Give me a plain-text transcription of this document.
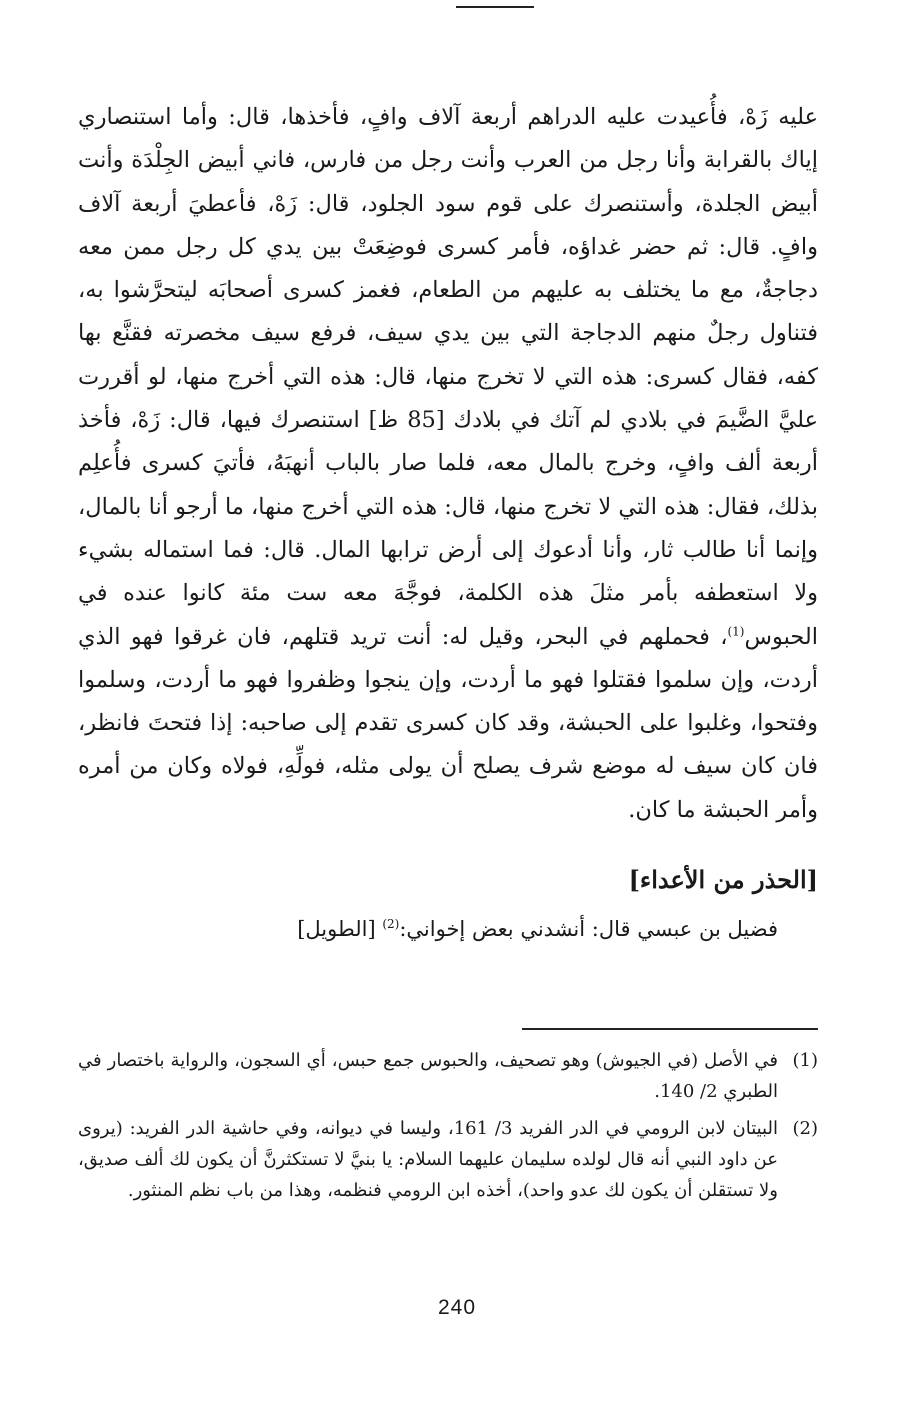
عليه زَهْ، فأُعيدت عليه الدراهم أربعة آلاف وافٍ، فأخذها، قال: وأما استنصاري إياك بالقرابة وأنا رجل من العرب وأنت رجل من فارس، فاني أبيض الجِلْدَة وأنت أبيض الجلدة، وأستنصرك على قوم سود الجلود، قال: زَهْ، فأعطيَ أربعة آلاف وافٍ. قال: ثم حضر غداؤه، فأمر كسرى فوضِعَتْ بين يدي كل رجل ممن معه دجاجةٌ، مع ما يختلف به عليهم من الطعام، فغمز كسرى أصحابَه ليتحرَّشوا به، فتناول رجلٌ منهم الدجاجة التي بين يدي سيف، فرفع سيف مخصرته فقنَّع بها كفه، فقال كسرى: هذه التي لا تخرج منها، قال: هذه التي أخرج منها، لو أقررت عليَّ الضَّيمَ في بلادي لم آتك في بلادك [85 ظ] استنصرك فيها، قال: زَهْ، فأخذ أربعة ألف وافٍ، وخرج بالمال معه، فلما صار بالباب أنهبَهُ، فأتيَ كسرى فأُعلِم بذلك، فقال: هذه التي لا تخرج منها، قال: هذه التي أخرج منها، ما أرجو أنا بالمال، وإنما أنا طالب ثار، وأنا أدعوك إلى أرض ترابها المال. قال: فما استماله بشيء ولا استعطفه بأمر مثلَ هذه الكلمة، فوجَّهَ معه ست مئة كانوا عنده في الحبوس$^{(1)}$، فحملهم في البحر، وقيل له: أنت تريد قتلهم، فان غرقوا فهو الذي أردت، وإن سلموا فقتلوا فهو ما أردت، وإن ينجوا وظفروا فهو ما أردت، وسلموا وفتحوا، وغلبوا على الحبشة، وقد كان كسرى تقدم إلى صاحبه: إذا فتحتَ فانظر، فان كان سيف له موضع شرف يصلح أن يولى مثله، فولِّهِ، فولاه وكان من أمره وأمر الحبشة ما كان.

[الحذر من الأعداء]
فضيل بن عبسي قال: أنشدني بعض إخواني:$^{(2)}$ [الطويل]
(1)
في الأصل (في الجيوش) وهو تصحيف، والحبوس جمع حبس، أي السجون، والرواية باختصار في الطبري 2/ 140.
(2)
البيتان لابن الرومي في الدر الفريد 3/ 161، وليسا في ديوانه، وفي حاشية الدر الفريد: (يروى عن داود النبي أنه قال لولده سليمان عليهما السلام: يا بنيَّ لا تستكثرنَّ أن يكون لك ألف صديق، ولا تستقلن أن يكون لك عدو واحد)، أخذه ابن الرومي فنظمه، وهذا من باب نظم المنثور.
240
